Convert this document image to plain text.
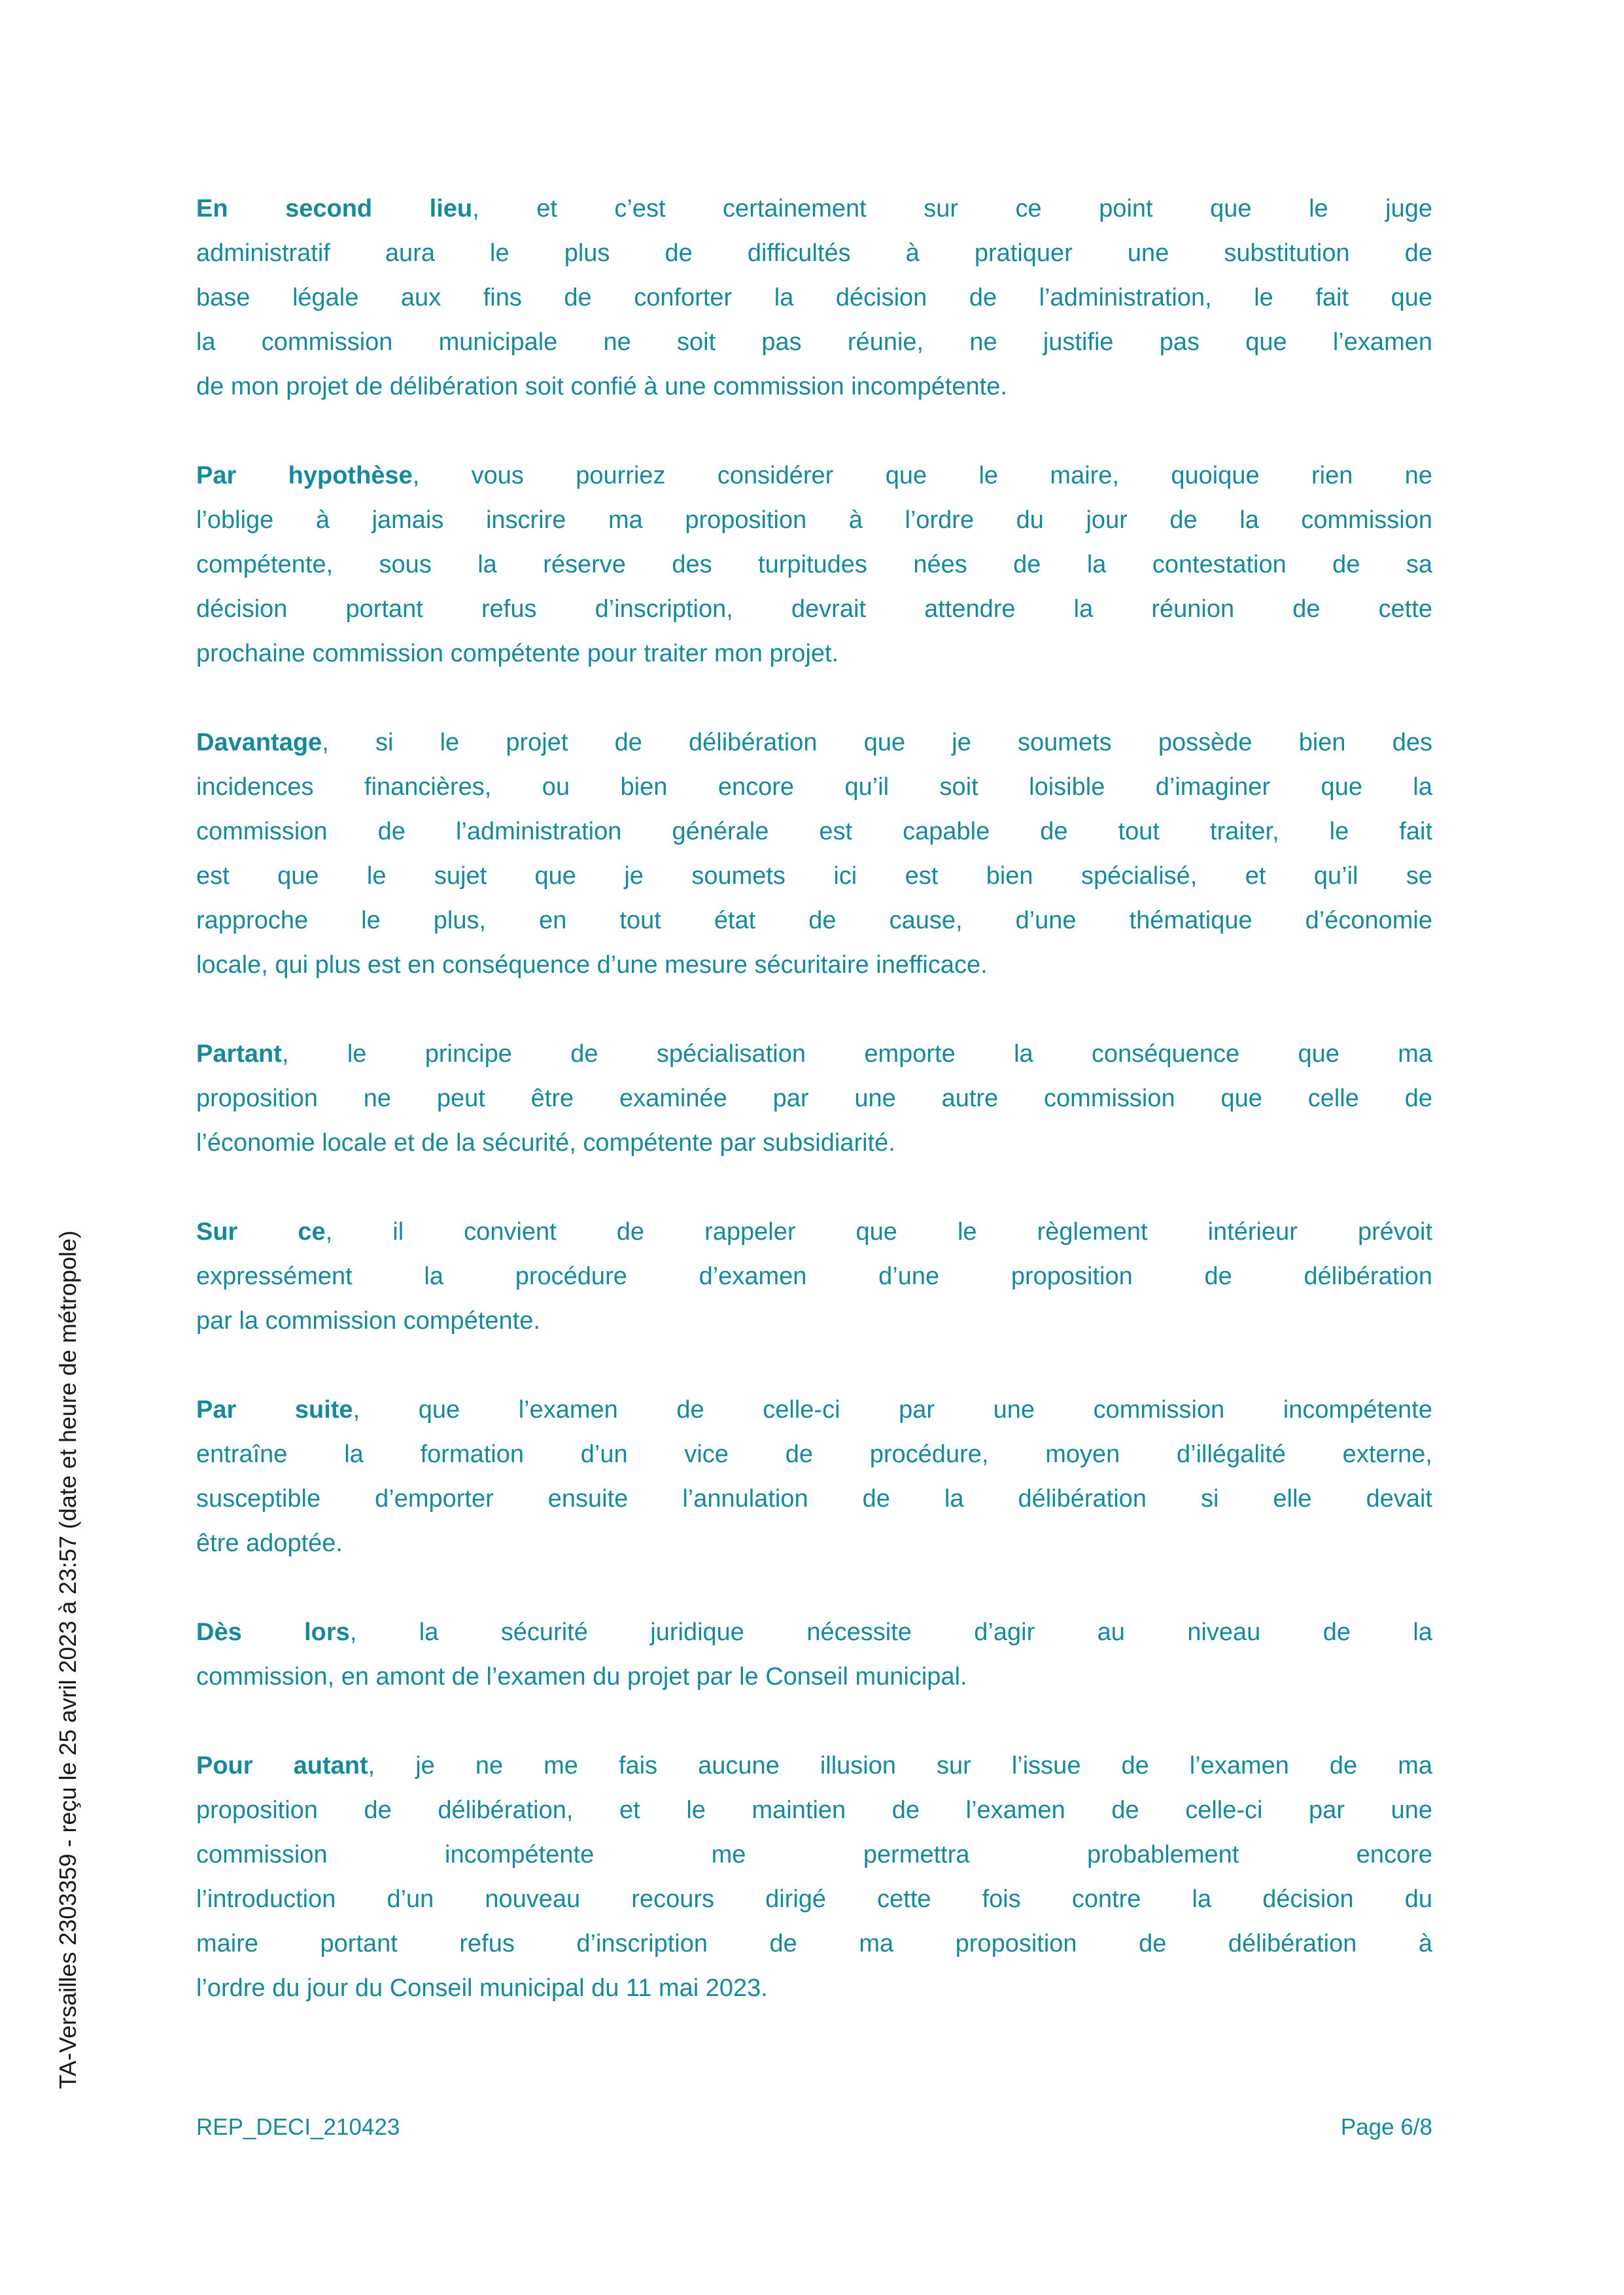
TA-Versailles 2303359 - reçu le 25 avril 2023 à 23:57 (date et heure de métropole)
En second lieu, et c’est certainement sur ce point que le juge
administratif aura le plus de difficultés à pratiquer une substitution de
base légale aux fins de conforter la décision de l’administration, le fait que
la commission municipale ne soit pas réunie, ne justifie pas que l’examen
de mon projet de délibération soit confié à une commission incompétente.
Par hypothèse, vous pourriez considérer que le maire, quoique rien ne
l’oblige à jamais inscrire ma proposition à l’ordre du jour de la commission
compétente, sous la réserve des turpitudes nées de la contestation de sa
décision portant refus d’inscription, devrait attendre la réunion de cette
prochaine commission compétente pour traiter mon projet.
Davantage, si le projet de délibération que je soumets possède bien des
incidences financières, ou bien encore qu’il soit loisible d’imaginer que la
commission de l’administration générale est capable de tout traiter, le fait
est que le sujet que je soumets ici est bien spécialisé, et qu’il se
rapproche le plus, en tout état de cause, d’une thématique d’économie
locale, qui plus est en conséquence d’une mesure sécuritaire inefficace.
Partant, le principe de spécialisation emporte la conséquence que ma
proposition ne peut être examinée par une autre commission que celle de
l’économie locale et de la sécurité, compétente par subsidiarité.
Sur ce, il convient de rappeler que le règlement intérieur prévoit
expressément la procédure d’examen d’une proposition de délibération
par la commission compétente.
Par suite, que l’examen de celle-ci par une commission incompétente
entraîne la formation d’un vice de procédure, moyen d’illégalité externe,
susceptible d’emporter ensuite l’annulation de la délibération si elle devait
être adoptée.
Dès lors, la sécurité juridique nécessite d’agir au niveau de la
commission, en amont de l’examen du projet par le Conseil municipal.
Pour autant, je ne me fais aucune illusion sur l’issue de l’examen de ma
proposition de délibération, et le maintien de l’examen de celle-ci par une
commission incompétente me permettra probablement encore
l’introduction d’un nouveau recours dirigé cette fois contre la décision du
maire portant refus d’inscription de ma proposition de délibération à
l’ordre du jour du Conseil municipal du 11 mai 2023.
REP_DECI_210423	Page 6/8
